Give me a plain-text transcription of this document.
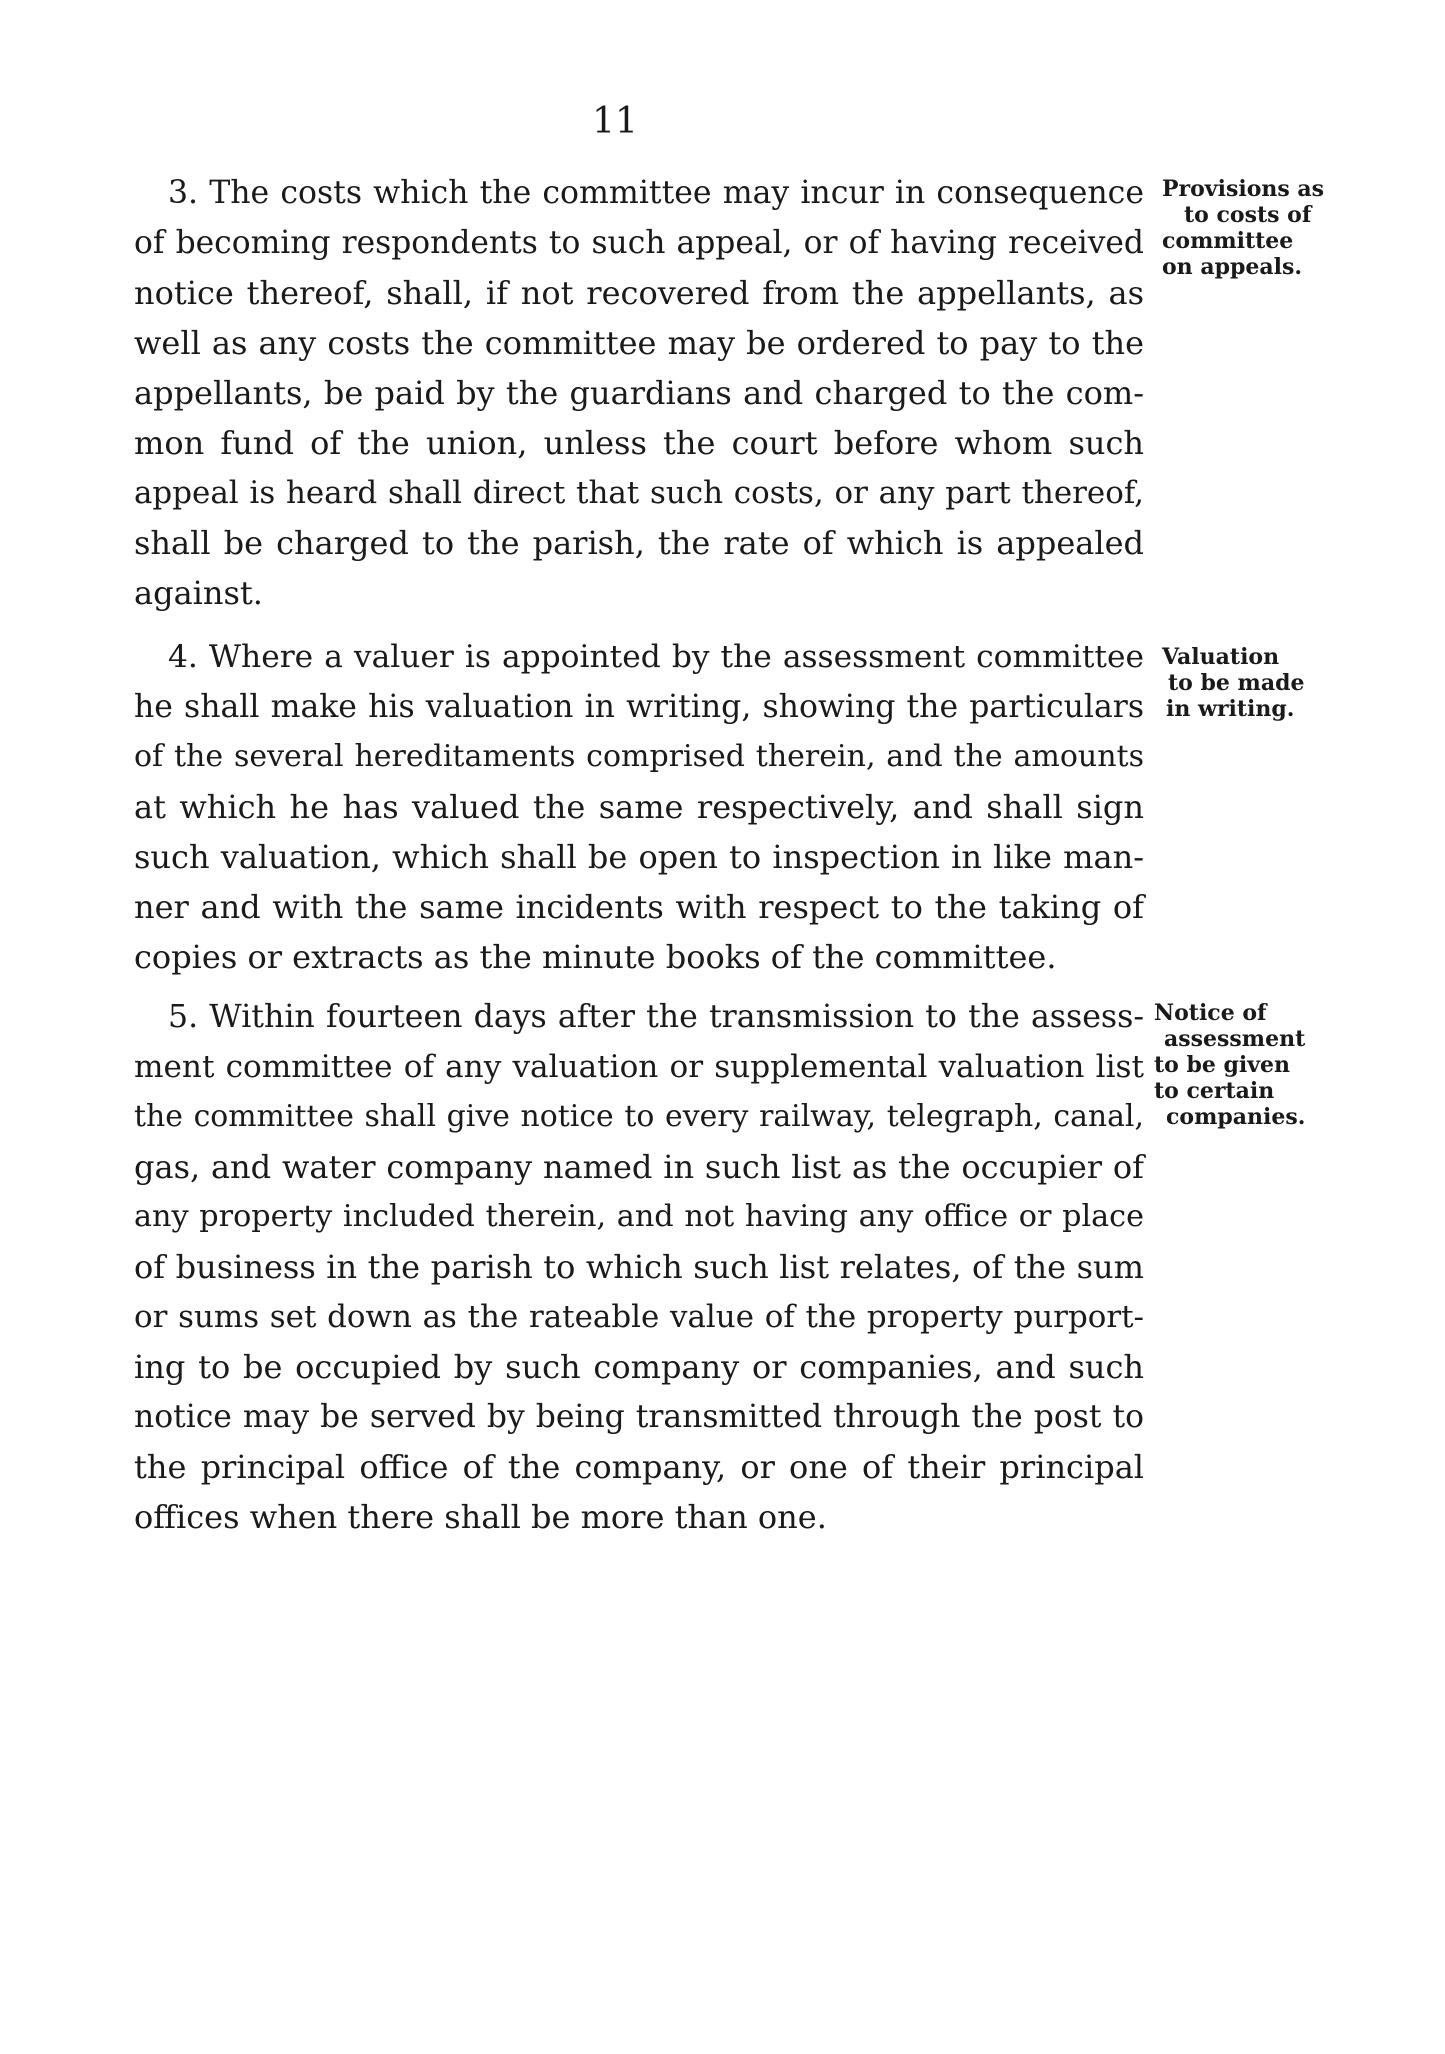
11
3. The costs which the committee may incur in consequence
of becoming respondents to such appeal, or of having received
notice thereof, shall, if not recovered from the appellants, as
well as any costs the committee may be ordered to pay to the
appellants, be paid by the guardians and charged to the com-
mon fund of the union, unless the court before whom such
appeal is heard shall direct that such costs, or any part thereof,
shall be charged to the parish, the rate of which is appealed
against.
Provisions as
to costs of
committee
on appeals.
4. Where a valuer is appointed by the assessment committee
he shall make his valuation in writing, showing the particulars
of the several hereditaments comprised therein, and the amounts
at which he has valued the same respectively, and shall sign
such valuation, which shall be open to inspection in like man-
ner and with the same incidents with respect to the taking of
copies or extracts as the minute books of the committee.
Valuation
to be made
in writing.
5. Within fourteen days after the transmission to the assess-
ment committee of any valuation or supplemental valuation list
the committee shall give notice to every railway, telegraph, canal,
gas, and water company named in such list as the occupier of
any property included therein, and not having any office or place
of business in the parish to which such list relates, of the sum
or sums set down as the rateable value of the property purport-
ing to be occupied by such company or companies, and such
notice may be served by being transmitted through the post to
the principal office of the company, or one of their principal
offices when there shall be more than one.
Notice of
assessment
to be given
to certain
companies.
